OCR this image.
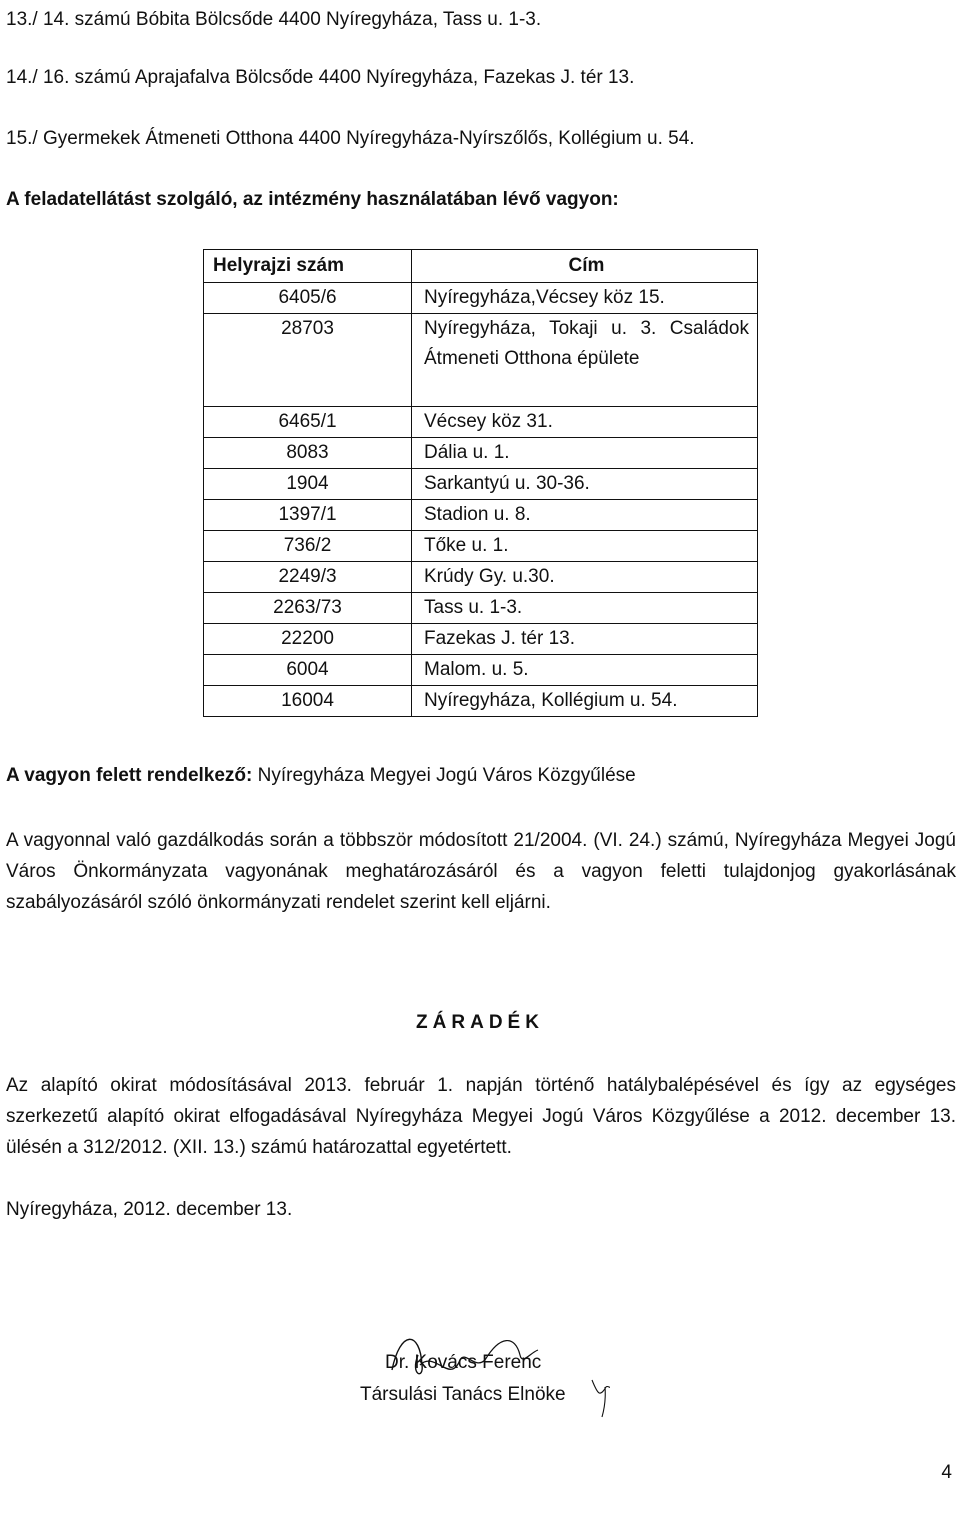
13./ 14. számú Bóbita Bölcsőde 4400 Nyíregyháza, Tass u. 1-3.
14./ 16. számú Aprajafalva Bölcsőde 4400 Nyíregyháza, Fazekas J. tér 13.
15./ Gyermekek Átmeneti Otthona 4400 Nyíregyháza-Nyírszőlős, Kollégium u. 54.
A feladatellátást szolgáló, az intézmény használatában lévő vagyon:
Helyrajzi szám	Cím
6405/6	Nyíregyháza,Vécsey köz 15.
28703	Nyíregyháza, Tokaji u. 3. Családok Átmeneti Otthona épülete
6465/1	Vécsey köz 31.
8083	Dália u. 1.
1904	Sarkantyú u. 30-36.
1397/1	Stadion u. 8.
736/2	Tőke u. 1.
2249/3	Krúdy Gy. u.30.
2263/73	Tass u. 1-3.
22200	Fazekas J. tér 13.
6004	Malom. u. 5.
16004	Nyíregyháza, Kollégium u. 54.
A vagyon felett rendelkező: Nyíregyháza Megyei Jogú Város Közgyűlése
A vagyonnal való gazdálkodás során a többször módosított 21/2004. (VI. 24.) számú, Nyíregyháza Megyei Jogú Város Önkormányzata vagyonának meghatározásáról és a vagyon feletti tulajdonjog gyakorlásának szabályozásáról szóló önkormányzati rendelet szerint kell eljárni.
ZÁRADÉK
Az alapító okirat módosításával 2013. február 1. napján történő hatálybalépésével és így az egységes szerkezetű alapító okirat elfogadásával Nyíregyháza Megyei Jogú Város Közgyűlése a 2012. december 13. ülésén a 312/2012. (XII. 13.) számú határozattal egyetértett.
Nyíregyháza, 2012. december 13.
Dr. Kovács Ferenc
Társulási Tanács Elnöke
4
